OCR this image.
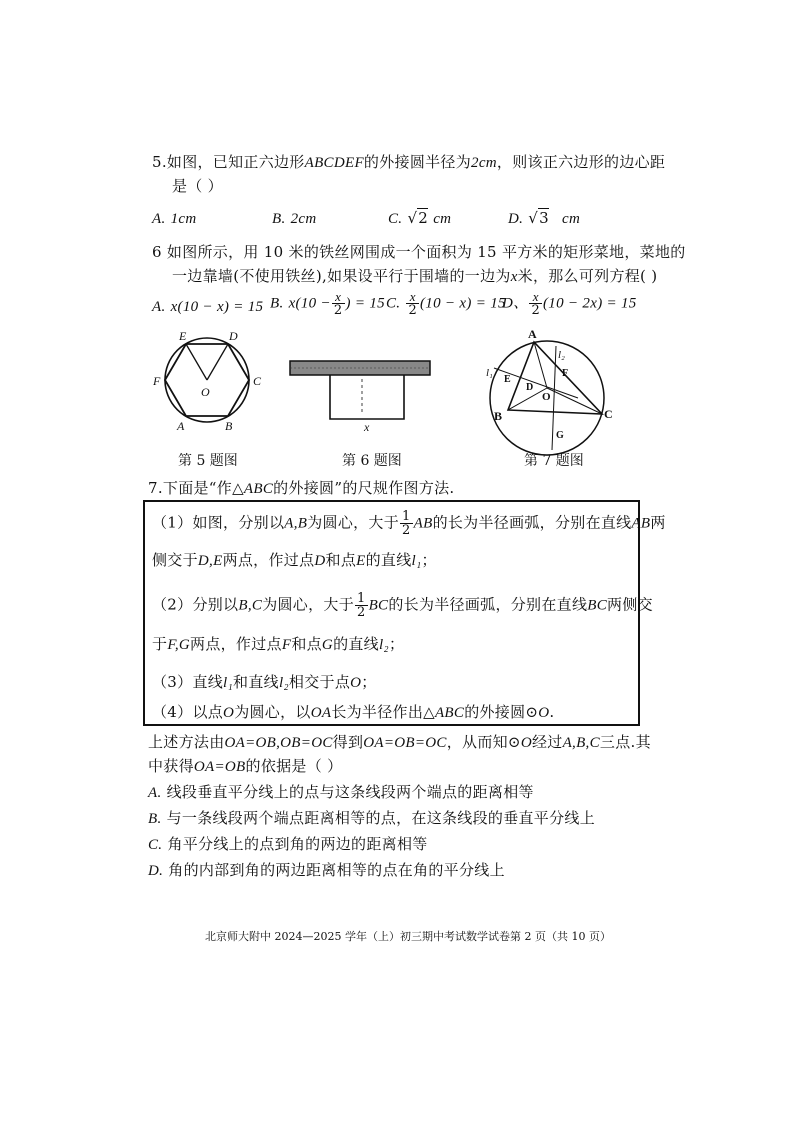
5.如图，已知正六边形ABCDEF的外接圆半径为2cm，则该正六边形的边心距
是（ ）
A. 1cm	B. 2cm	C. √2 cm	D. √3 cm
6 如图所示，用 10 米的铁丝网围成一个面积为 15 平方米的矩形菜地，菜地的
一边靠墙(不使用铁丝),如果设平行于围墙的一边为x米，那么可列方程( )
A. x(10 − x) = 15 B. $x(10 - \frac{x}{2}$ ) = 15 C. $\frac{x}{2} (10 - x) = 15$
D、 $\frac{x}{2} (10 - 2x) = 15$
E	D
F	C
O
A	B	x
A
B	C
D
E
F
G
O
l₁
l₂
第 5 题图	第 6 题图	第 7 题图
7.下面是“作△ABC的外接圆”的尺规作图方法.
（1）如图，分别以A,B为圆心，大于 $\frac{1}{2}$ AB的长为半径画弧，分别在直线AB两
侧交于D,E两点，作过点D和点E的直线l₁；
（2）分别以B,C为圆心，大于 $\frac{1}{2}$ BC的长为半径画弧，分别在直线BC两侧交
于F,G两点，作过点F和点G的直线l₂；
（3）直线l₁和直线l₂相交于点O；
（4）以点O为圆心，以OA长为半径作出△ABC的外接圆⊙O.
上述方法由OA=OB,OB=OC得到OA=OB=OC，从而知⊙O经过A,B,C三点.其
中获得OA=OB的依据是（ ）
A. 线段垂直平分线上的点与这条线段两个端点的距离相等
B. 与一条线段两个端点距离相等的点，在这条线段的垂直平分线上
C. 角平分线上的点到角的两边的距离相等
D. 角的内部到角的两边距离相等的点在角的平分线上
北京师大附中 2024—2025 学年（上）初三期中考试数学试卷第 2 页（共 10 页）
